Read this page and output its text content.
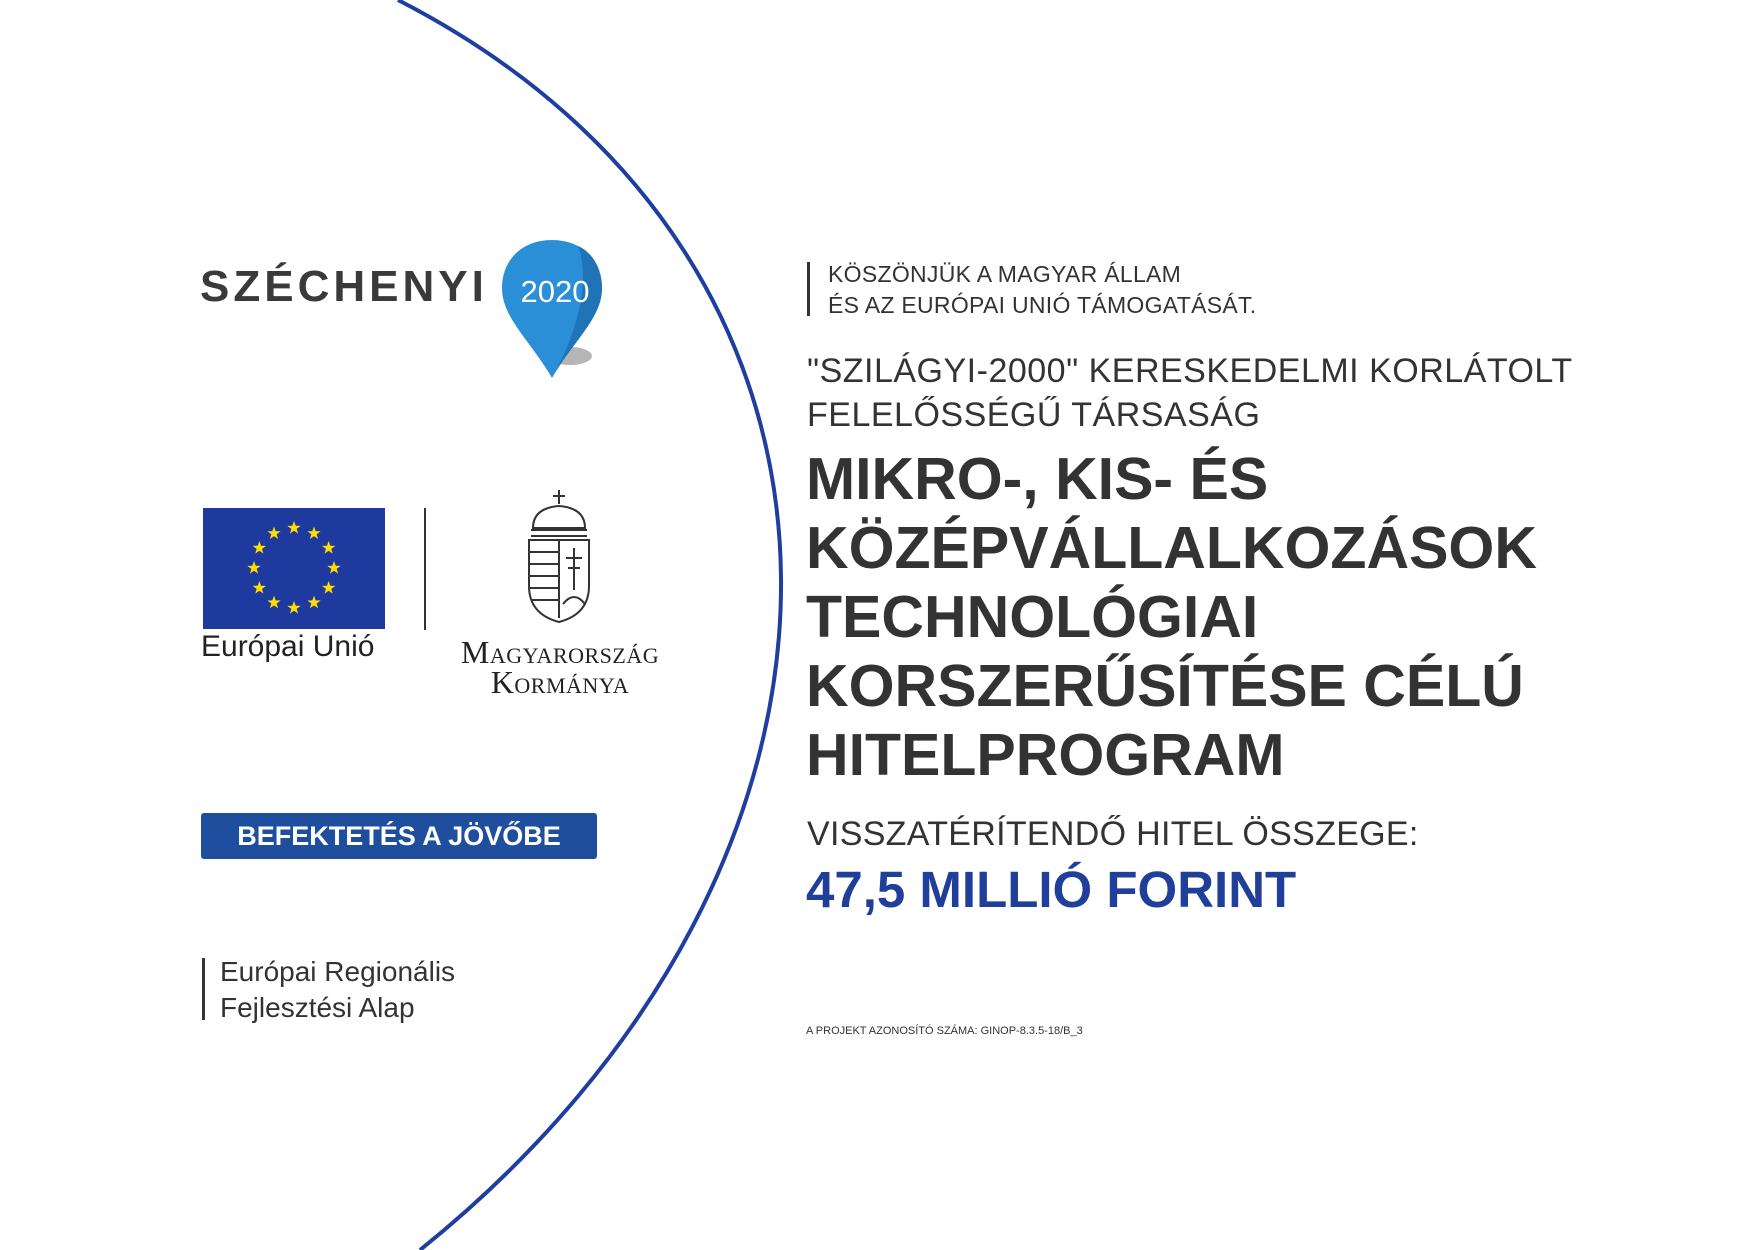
SZÉCHENYI	2020
Európai Unió	Magyarország
Kormánya
BEFEKTETÉS A JÖVŐBE
Európai Regionális
Fejlesztési Alap
KÖSZÖNJÜK A MAGYAR ÁLLAM
ÉS AZ EURÓPAI UNIÓ TÁMOGATÁSÁT.
"SZILÁGYI-2000" KERESKEDELMI KORLÁTOLT
FELELŐSSÉGŰ TÁRSASÁG
MIKRO-, KIS- ÉS
KÖZÉPVÁLLALKOZÁSOK
TECHNOLÓGIAI
KORSZERŰSÍTÉSE CÉLÚ
HITELPROGRAM
VISSZATÉRÍTENDŐ HITEL ÖSSZEGE:
47,5 MILLIÓ FORINT
A PROJEKT AZONOSÍTÓ SZÁMA: GINOP-8.3.5-18/B_3
